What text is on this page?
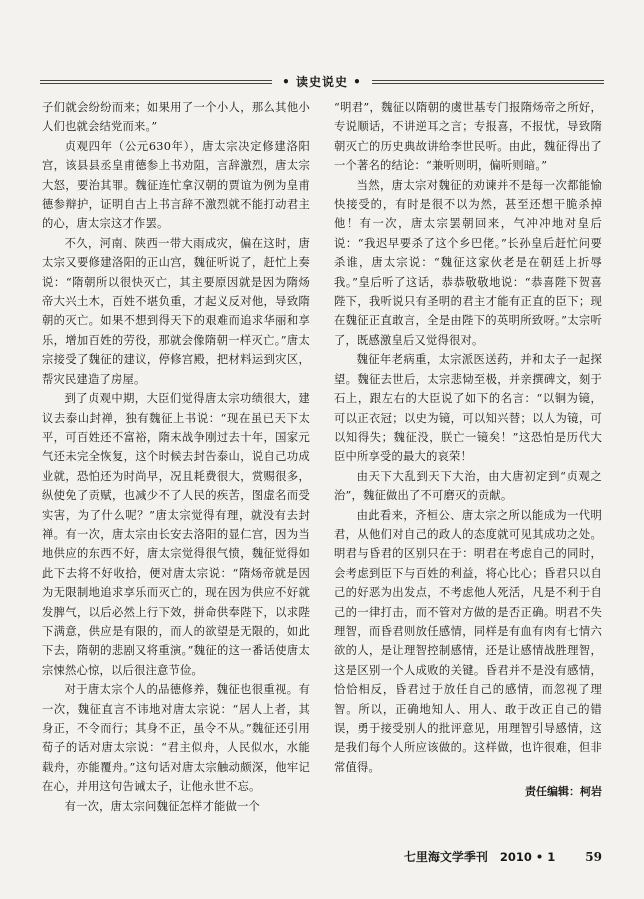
• 读史说史 •

子们就会纷纷而来；如果用了一个小人，那么其他小人们也就会结党而来。”

贞观四年（公元630年），唐太宗决定修建洛阳宫，该县县丞皇甫德参上书劝阻，言辞激烈，唐太宗大怒，要治其罪。魏征连忙拿汉朝的贾谊为例为皇甫德参辩护，证明自古上书言辞不激烈就不能打动君主的心，唐太宗这才作罢。

不久，河南、陕西一带大雨成灾，偏在这时，唐太宗又要修建洛阳的正山宫，魏征听说了，赶忙上奏说：“隋朝所以很快灭亡，其主要原因就是因为隋炀帝大兴土木，百姓不堪负重，才起义反对他，导致隋朝的灭亡。如果不想到得天下的艰难而追求华丽和享乐，增加百姓的劳役，那就会像隋朝一样灭亡。”唐太宗接受了魏征的建议，停修宫殿，把材料运到灾区，帮灾民建造了房屋。

到了贞观中期，大臣们觉得唐太宗功绩很大，建议去泰山封禅，独有魏征上书说：“现在虽已天下太平，可百姓还不富裕，隋末战争刚过去十年，国家元气还未完全恢复，这个时候去封告泰山，说自己功成业就，恐怕还为时尚早，况且耗费很大，赏赐很多，纵使免了贡赋，也减少不了人民的疾苦，图虚名而受实害，为了什么呢？”唐太宗觉得有理，就没有去封禅。有一次，唐太宗由长安去洛阳的显仁宫，因为当地供应的东西不好，唐太宗觉得很气愤，魏征觉得如此下去将不好收拾，便对唐太宗说：“隋炀帝就是因为无限制地追求享乐而灭亡的，现在因为供应不好就发脾气，以后必然上行下效，拼命供奉陛下，以求陛下满意，供应是有限的，而人的欲望是无限的，如此下去，隋朝的悲剧又将重演。”魏征的这一番话使唐太宗悚然心惊，以后很注意节俭。

对于唐太宗个人的品德修养，魏征也很重视。有一次，魏征直言不讳地对唐太宗说：“居人上者，其身正，不令而行；其身不正，虽令不从。”魏征还引用荀子的话对唐太宗说：“君主似舟，人民似水，水能载舟，亦能覆舟。”这句话对唐太宗触动颇深，他牢记在心，并用这句告诫太子，让他永世不忘。

有一次，唐太宗问魏征怎样才能做一个

“明君”，魏征以隋朝的虞世基专门报隋炀帝之所好，专说顺话，不讲逆耳之言；专报喜，不报忧，导致隋朝灭亡的历史典故讲给李世民听。由此，魏征得出了一个著名的结论：“兼听则明，偏听则暗。”

当然，唐太宗对魏征的劝谏并不是每一次都能愉快接受的，有时是很不以为然，甚至还想干脆杀掉他！有一次，唐太宗罢朝回来，气冲冲地对皇后说：“我迟早要杀了这个乡巴佬。”长孙皇后赶忙问要杀谁，唐太宗说：“魏征这家伙老是在朝廷上折辱我。”皇后听了这话，恭恭敬敬地说：“恭喜陛下贺喜陛下，我听说只有圣明的君主才能有正直的臣下；现在魏征正直敢言，全是由陛下的英明所致呀。”太宗听了，既感激皇后又觉得很对。

魏征年老病重，太宗派医送药，并和太子一起探望。魏征去世后，太宗悲恸至极，并亲撰碑文，刻于石上，跟左右的大臣说了如下的名言：“以铜为镜，可以正衣冠；以史为镜，可以知兴替；以人为镜，可以知得失；魏征没，朕亡一镜矣！”这恐怕是历代大臣中所享受的最大的哀荣！

由天下大乱到天下大治，由大唐初定到“贞观之治”，魏征做出了不可磨灭的贡献。

由此看来，齐桓公、唐太宗之所以能成为一代明君，从他们对自己的政人的态度就可见其成功之处。明君与昏君的区别只在于：明君在考虑自己的同时，会考虑到臣下与百姓的利益，将心比心；昏君只以自己的好恶为出发点，不考虑他人死活，凡是不利于自己的一律打击，而不管对方做的是否正确。明君不失理智，而昏君则放任感情，同样是有血有肉有七情六欲的人，是让理智控制感情，还是让感情战胜理智，这是区别一个人成败的关键。昏君并不是没有感情，恰恰相反，昏君过于放任自己的感情，而忽视了理智。所以，正确地知人、用人、敢于改正自己的错误，勇于接受别人的批评意见，用理智引导感情，这是我们每个人所应该做的。这样做，也许很难，但非常值得。

责任编辑：柯岩
七里海文学季刊 2010 • 1	59
